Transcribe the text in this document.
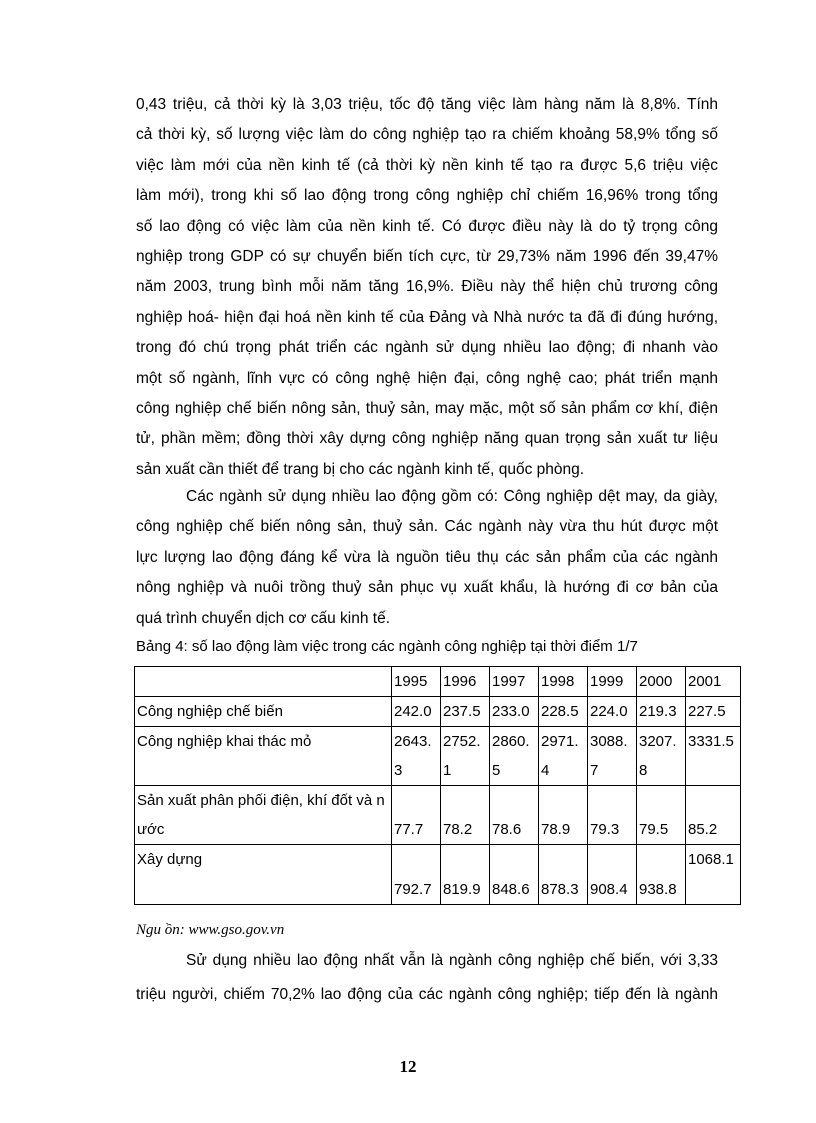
0,43 triệu, cả thời kỳ là 3,03 triệu, tốc độ tăng việc làm hàng năm là 8,8%. Tính
cả thời kỳ, số lượng việc làm do công nghiệp tạo ra chiếm khoảng 58,9% tổng số
việc làm mới của nền kinh tế (cả thời kỳ nền kinh tế tạo ra được 5,6 triệu việc
làm mới), trong khi số lao động trong công nghiệp chỉ chiếm 16,96% trong tổng
số lao động có việc làm của nền kinh tế. Có được điều này là do tỷ trọng công
nghiệp trong GDP có sự chuyển biến tích cực, từ 29,73% năm 1996 đến 39,47%
năm 2003, trung bình mỗi năm tăng 16,9%. Điều này thể hiện chủ trương công
nghiệp hoá- hiện đại hoá nền kinh tế của Đảng và Nhà nước ta đã đi đúng hướng,
trong đó chú trọng phát triển các ngành sử dụng nhiều lao động; đi nhanh vào
một số ngành, lĩnh vực có công nghệ hiện đại, công nghệ cao; phát triển mạnh
công nghiệp chế biến nông sản, thuỷ sản, may mặc, một số sản phẩm cơ khí, điện
tử, phần mềm; đồng thời xây dựng công nghiệp năng quan trọng sản xuất tư liệu
sản xuất cần thiết để trang bị cho các ngành kinh tế, quốc phòng.
Các ngành sử dụng nhiều lao động gồm có: Công nghiệp dệt may, da giày,
công nghiệp chế biến nông sản, thuỷ sản. Các ngành này vừa thu hút được một
lực lượng lao động đáng kể vừa là nguồn tiêu thụ các sản phẩm của các ngành
nông nghiệp và nuôi trồng thuỷ sản phục vụ xuất khẩu, là hướng đi cơ bản của
quá trình chuyển dịch cơ cấu kinh tế.
Bảng 4: số lao động làm việc trong các ngành công nghiệp tại thời điểm 1/7
	1995	1996	1997	1998	1999	2000	2001
Công nghiệp chế biến	242.0	237.5	233.0	228.5	224.0	219.3	227.5
Công nghiệp khai thác mỏ	2643.3	2752.1	2860.5	2971.4	3088.7	3207.8	3331.5
Sản xuất phân phối điện, khí đốt và nước	77.7	78.2	78.6	78.9	79.3	79.5	85.2
Xây dựng	792.7	819.9	848.6	878.3	908.4	938.8	1068.1
Ngu ồn: www.gso.gov.vn
Sử dụng nhiều lao động nhất vẫn là ngành công nghiệp chế biến, với 3,33
triệu người, chiếm 70,2% lao động của các ngành công nghiệp; tiếp đến là ngành
12
